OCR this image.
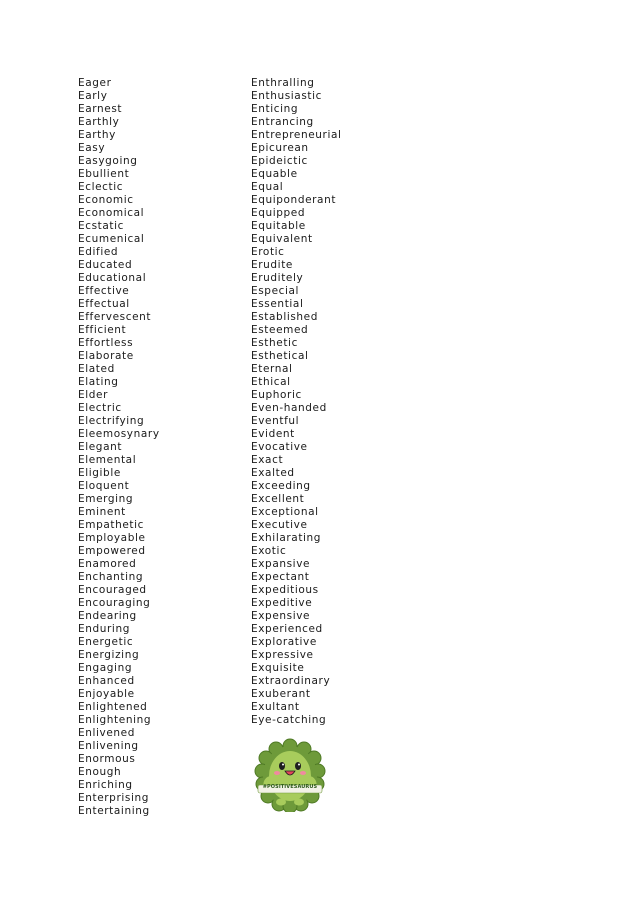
Eager
Early
Earnest
Earthly
Earthy
Easy
Easygoing
Ebullient
Eclectic
Economic
Economical
Ecstatic
Ecumenical
Edified
Educated
Educational
Effective
Effectual
Effervescent
Efficient
Effortless
Elaborate
Elated
Elating
Elder
Electric
Electrifying
Eleemosynary
Elegant
Elemental
Eligible
Eloquent
Emerging
Eminent
Empathetic
Employable
Empowered
Enamored
Enchanting
Encouraged
Encouraging
Endearing
Enduring
Energetic
Energizing
Engaging
Enhanced
Enjoyable
Enlightened
Enlightening
Enlivened
Enlivening
Enormous
Enough
Enriching
Enterprising
Entertaining
Enthralling
Enthusiastic
Enticing
Entrancing
Entrepreneurial
Epicurean
Epideictic
Equable
Equal
Equiponderant
Equipped
Equitable
Equivalent
Erotic
Erudite
Eruditely
Especial
Essential
Established
Esteemed
Esthetic
Esthetical
Eternal
Ethical
Euphoric
Even-handed
Eventful
Evident
Evocative
Exact
Exalted
Exceeding
Excellent
Exceptional
Executive
Exhilarating
Exotic
Expansive
Expectant
Expeditious
Expeditive
Expensive
Experienced
Explorative
Expressive
Exquisite
Extraordinary
Exuberant
Exultant
Eye-catching
#POSITIVESAURUS
